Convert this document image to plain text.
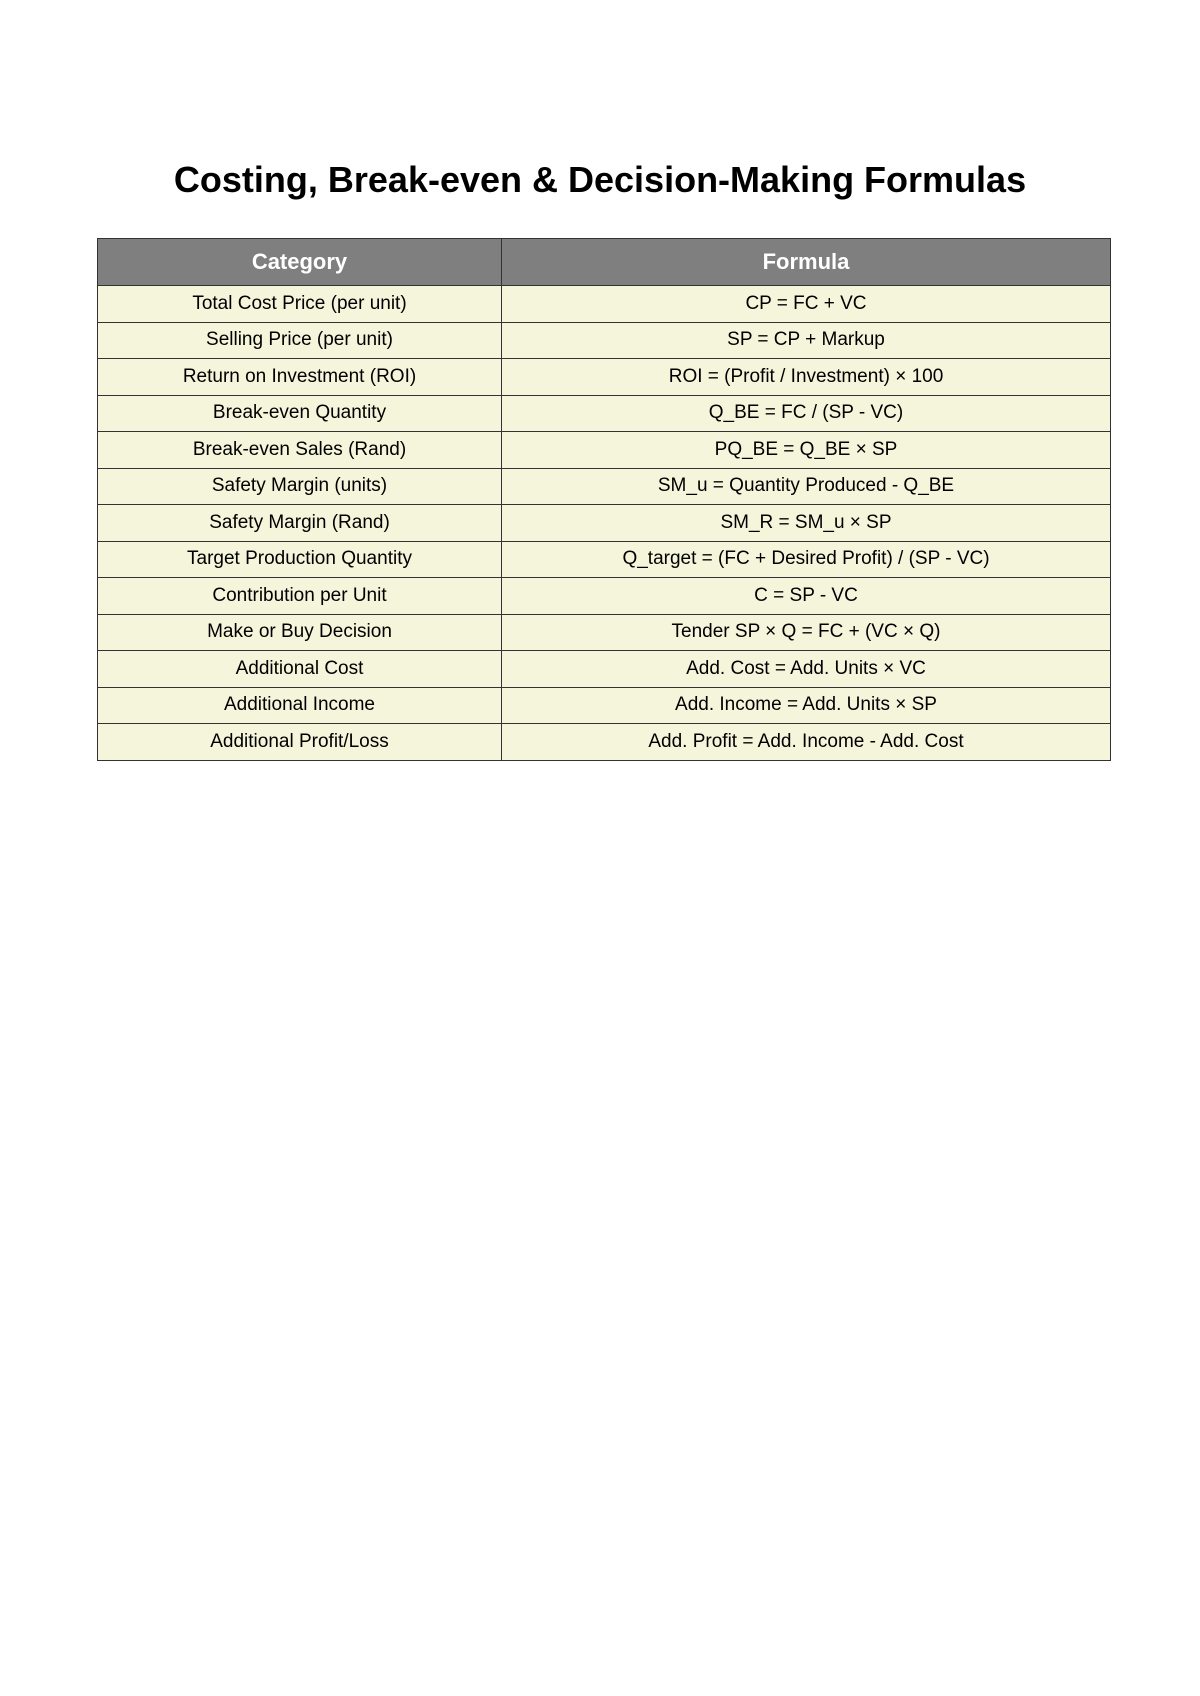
Costing, Break-even & Decision-Making Formulas
Category	Formula
Total Cost Price (per unit)	CP = FC + VC
Selling Price (per unit)	SP = CP + Markup
Return on Investment (ROI)	ROI = (Profit / Investment) × 100
Break-even Quantity	Q_BE = FC / (SP - VC)
Break-even Sales (Rand)	PQ_BE = Q_BE × SP
Safety Margin (units)	SM_u = Quantity Produced - Q_BE
Safety Margin (Rand)	SM_R = SM_u × SP
Target Production Quantity	Q_target = (FC + Desired Profit) / (SP - VC)
Contribution per Unit	C = SP - VC
Make or Buy Decision	Tender SP × Q = FC + (VC × Q)
Additional Cost	Add. Cost = Add. Units × VC
Additional Income	Add. Income = Add. Units × SP
Additional Profit/Loss	Add. Profit = Add. Income - Add. Cost
